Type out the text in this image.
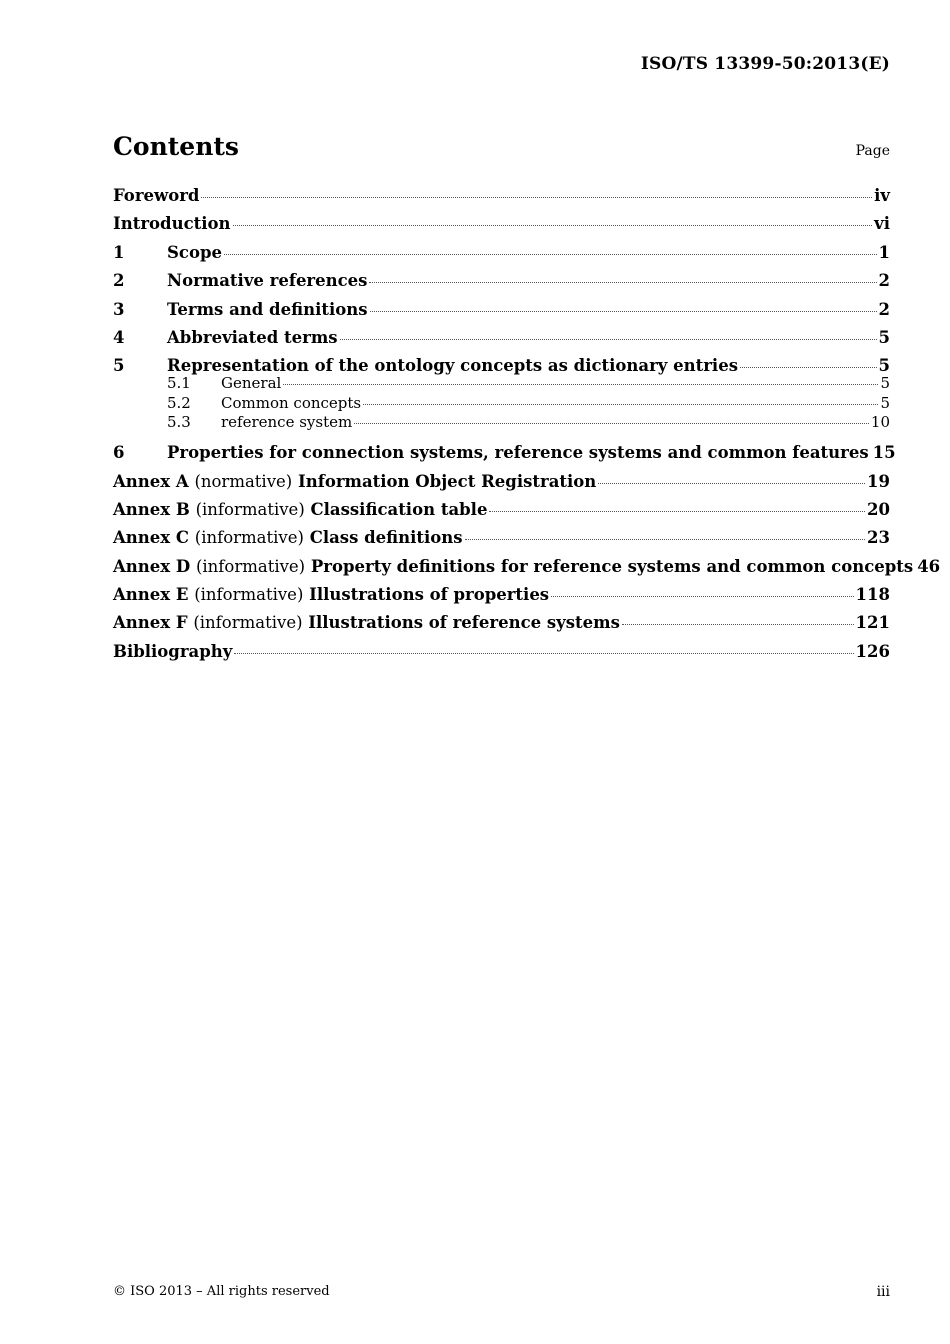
ISO/TS 13399-50:2013(E)
Contents	Page
Foreword	iv
Introduction	vi
1	Scope	1
2	Normative references	2
3	Terms and definitions	2
4	Abbreviated terms	5
5	Representation of the ontology concepts as dictionary entries	5
5.1	General	5
5.2	Common concepts	5
5.3	reference system	10
6	Properties for connection systems, reference systems and common features 15
Annex A (normative) Information Object Registration	19
Annex B (informative) Classification table	20
Annex C (informative) Class definitions	23
Annex D (informative) Property definitions for reference systems and common concepts 46
Annex E (informative) Illustrations of properties	118
Annex F (informative) Illustrations of reference systems	121
Bibliography	126
© ISO 2013 – All rights reserved	iii
